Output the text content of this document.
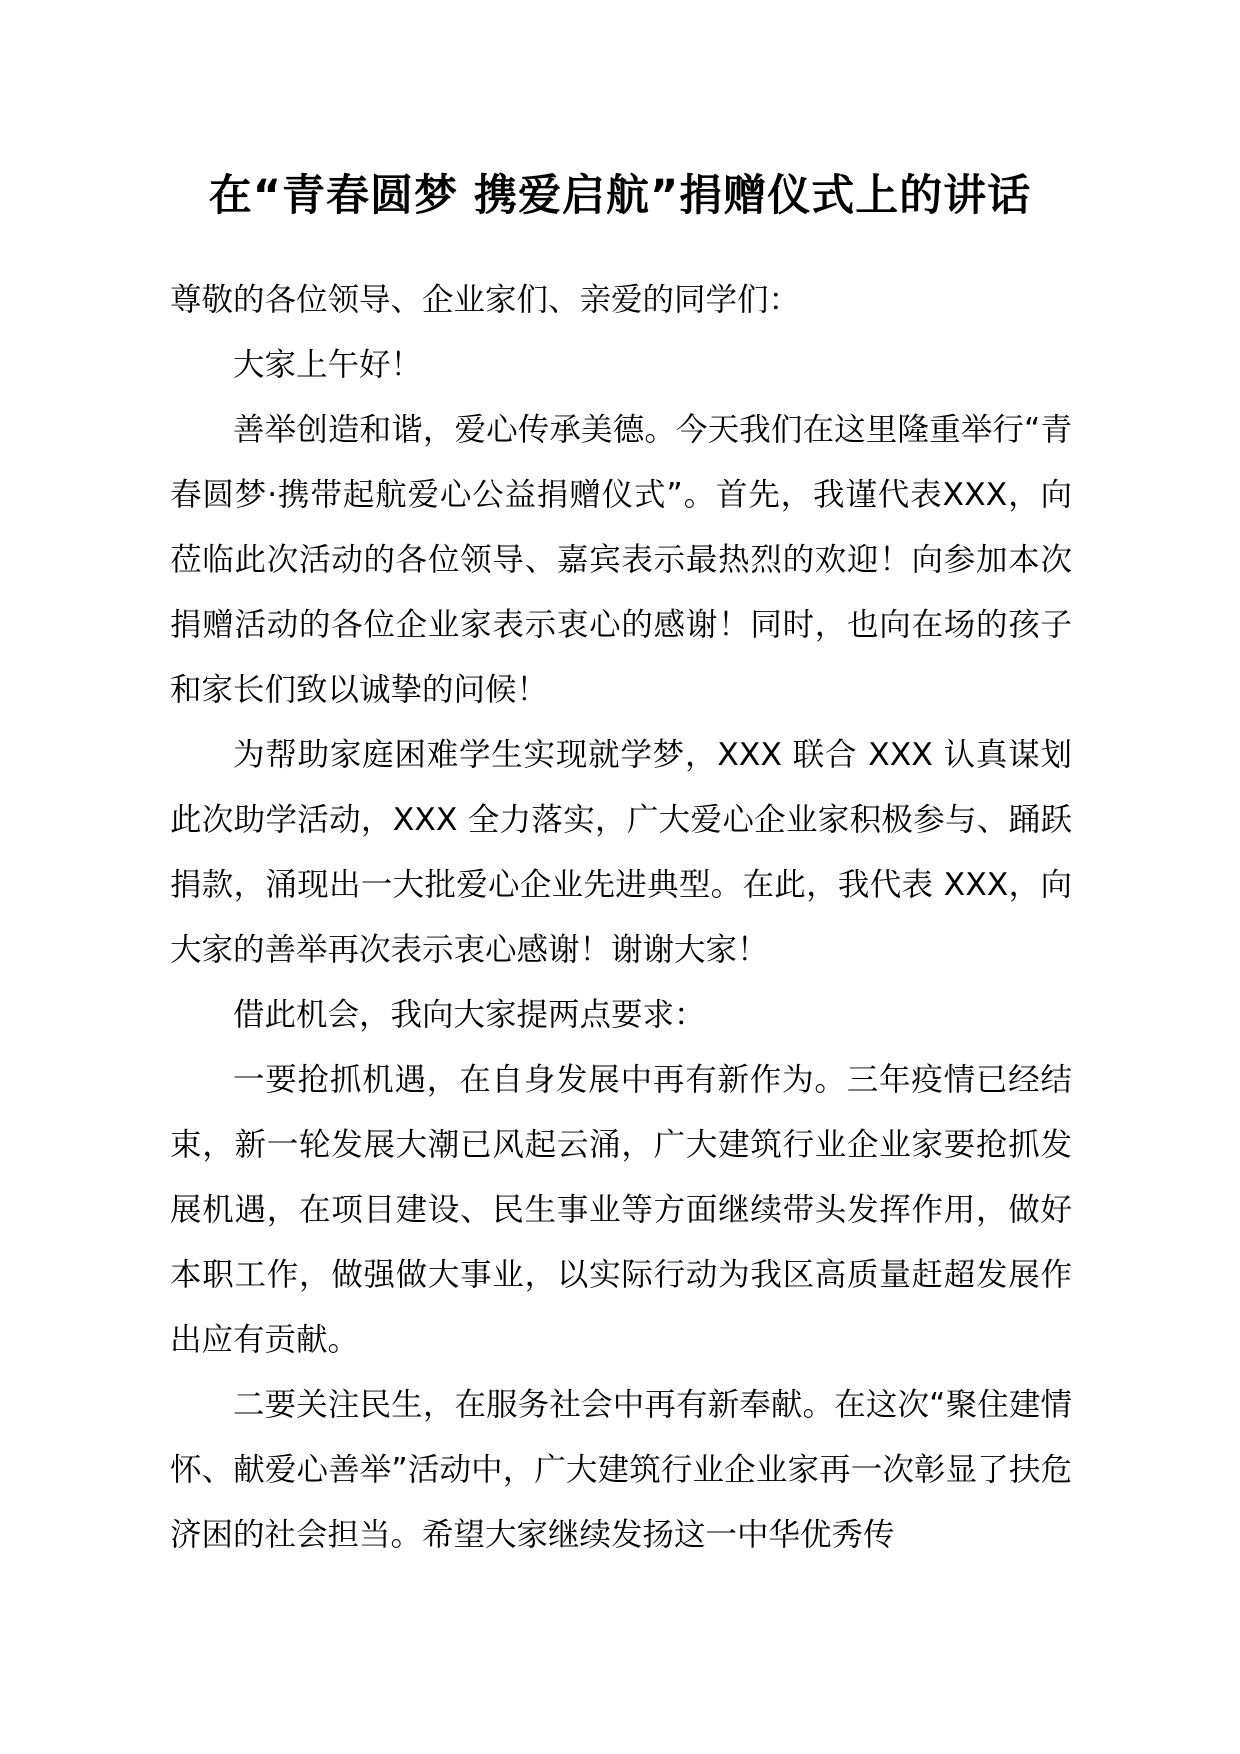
在“青春圆梦 携爱启航”捐赠仪式上的讲话

尊敬的各位领导、企业家们、亲爱的同学们：

大家上午好！

善举创造和谐，爱心传承美德。今天我们在这里隆重举行“青春圆梦·携带起航爱心公益捐赠仪式”。首先，我谨代表XXX，向莅临此次活动的各位领导、嘉宾表示最热烈的欢迎！向参加本次捐赠活动的各位企业家表示衷心的感谢！同时，也向在场的孩子和家长们致以诚挚的问候！

为帮助家庭困难学生实现就学梦，XXX 联合 XXX 认真谋划此次助学活动，XXX 全力落实，广大爱心企业家积极参与、踊跃捐款，涌现出一大批爱心企业先进典型。在此，我代表 XXX，向大家的善举再次表示衷心感谢！谢谢大家！

借此机会，我向大家提两点要求：

一要抢抓机遇，在自身发展中再有新作为。三年疫情已经结束，新一轮发展大潮已风起云涌，广大建筑行业企业家要抢抓发展机遇，在项目建设、民生事业等方面继续带头发挥作用，做好本职工作，做强做大事业，以实际行动为我区高质量赶超发展作出应有贡献。

二要关注民生，在服务社会中再有新奉献。在这次“聚住建情怀、献爱心善举”活动中，广大建筑行业企业家再一次彰显了扶危济困的社会担当。希望大家继续发扬这一中华优秀传
